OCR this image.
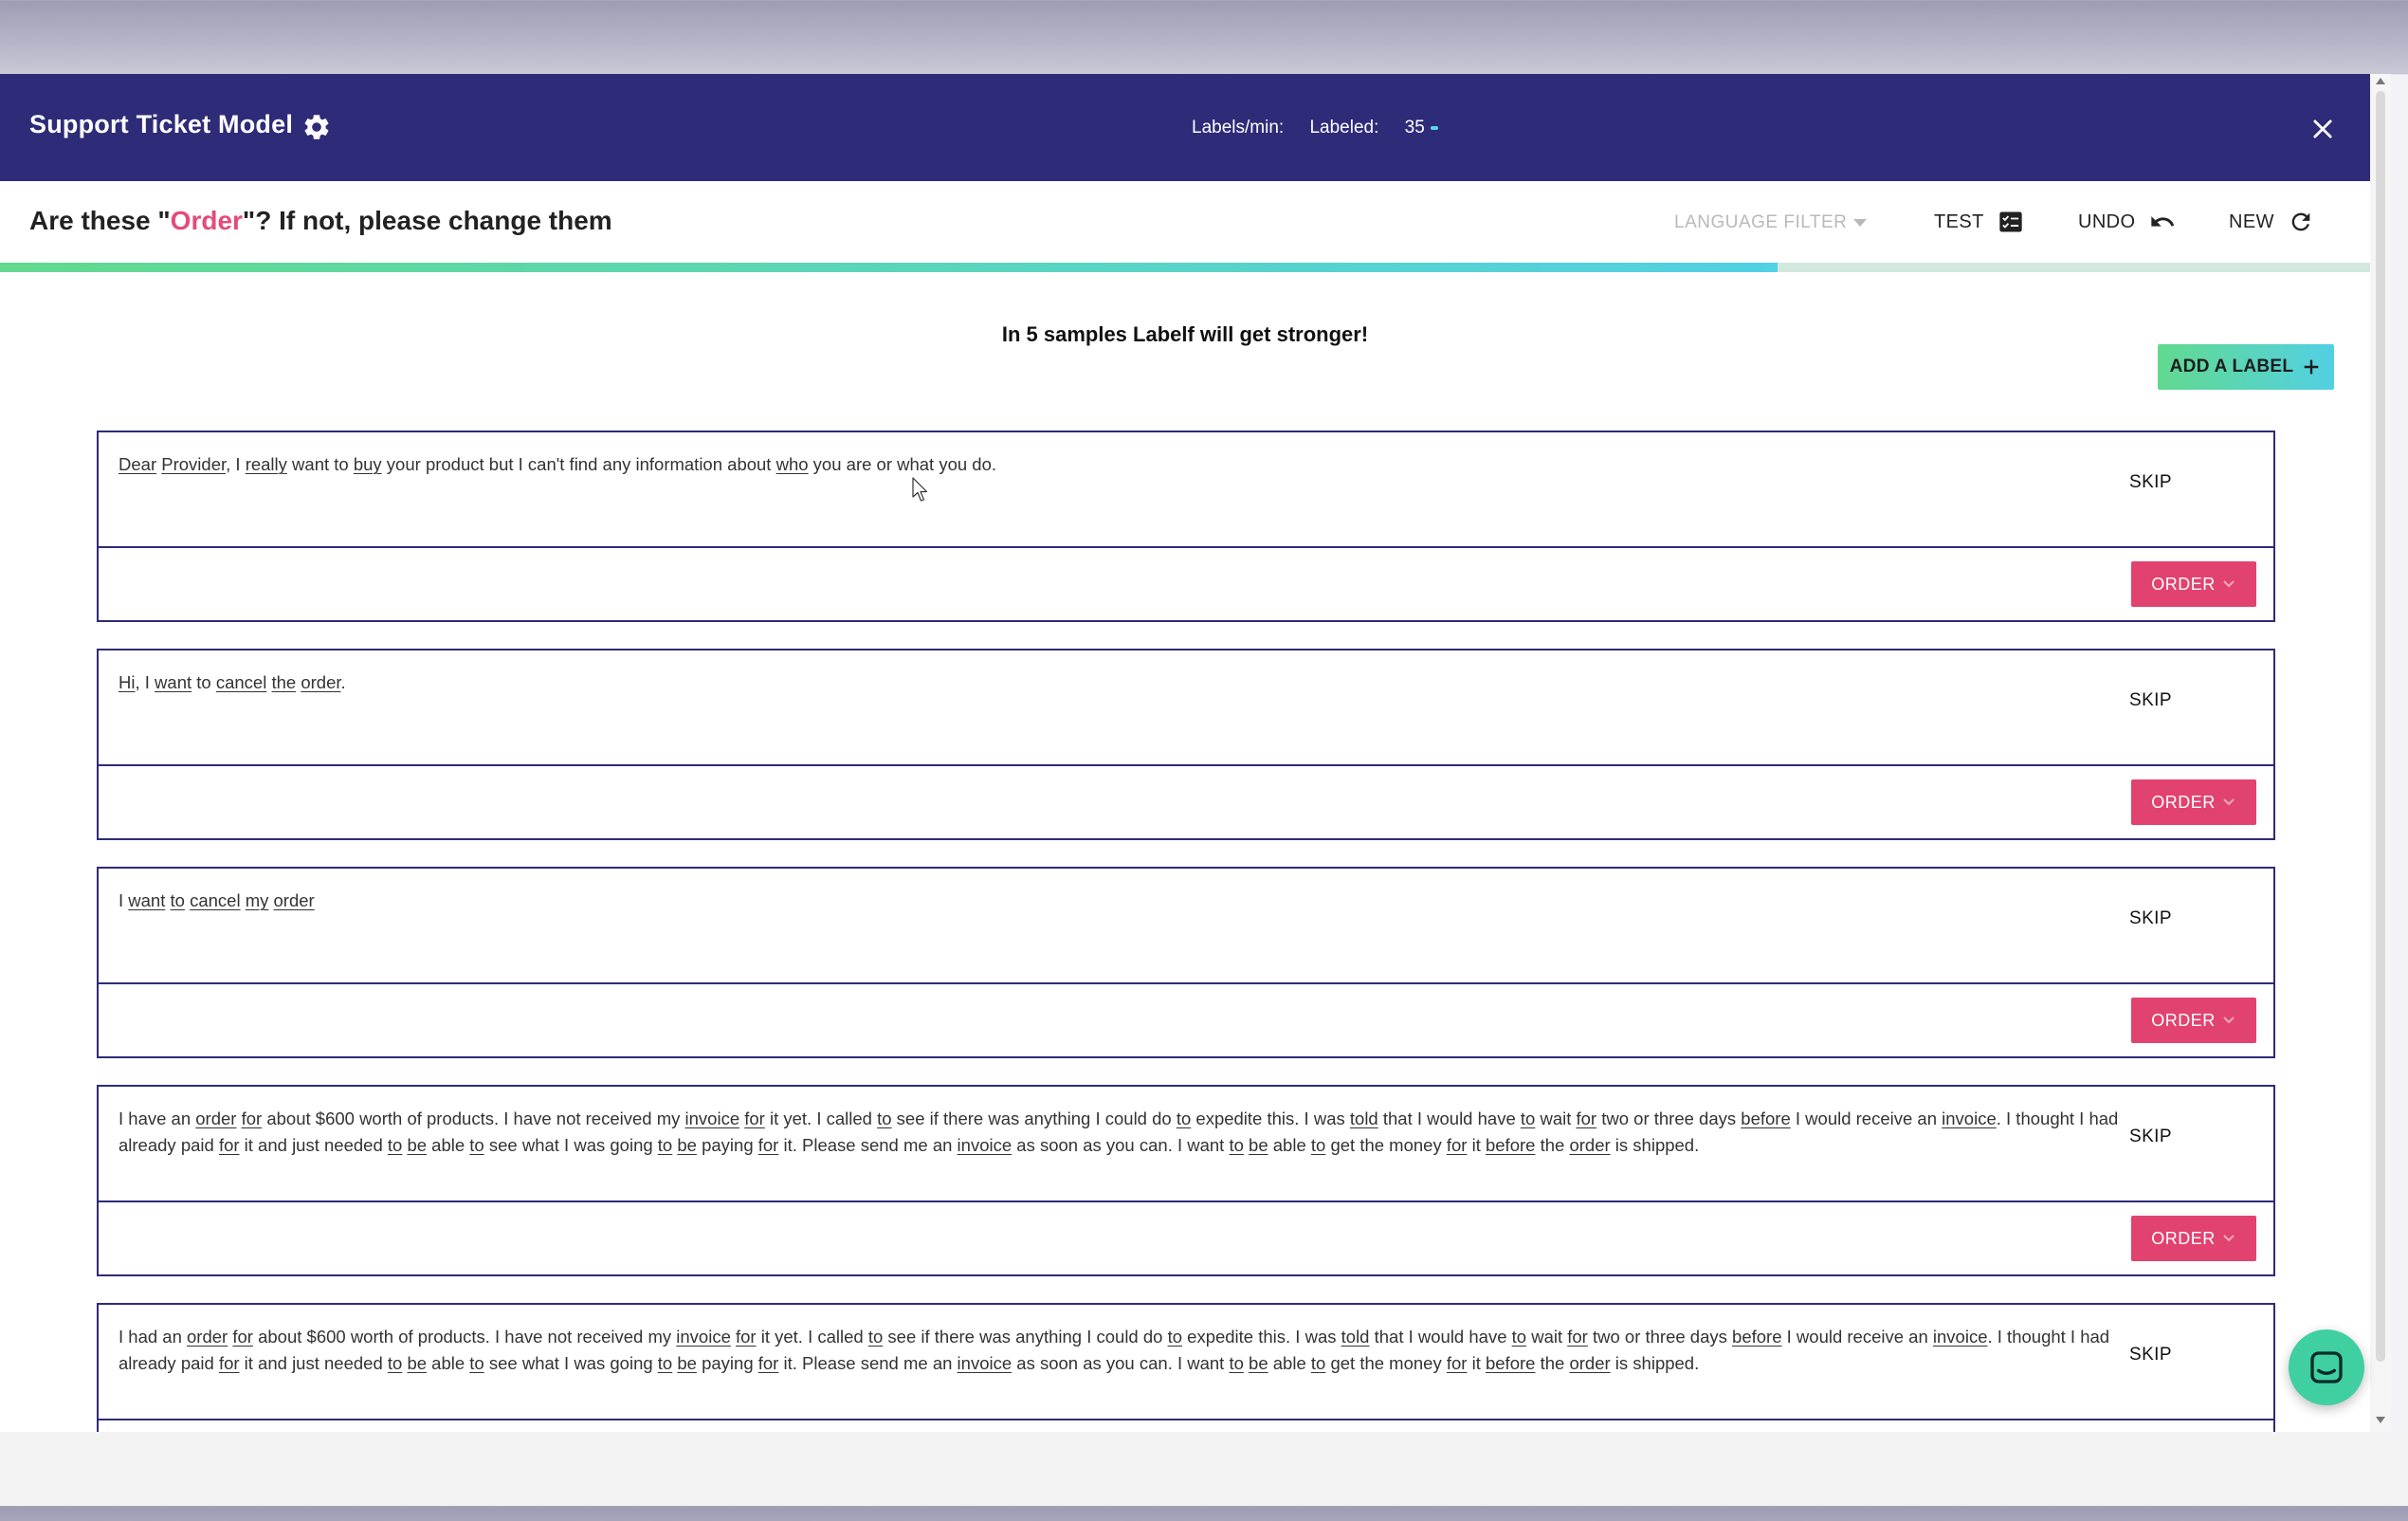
Support Ticket Model	Labels/min: Labeled: 35
Are these "Order"? If not, please change them	LANGUAGE FILTER	TEST	UNDO	NEW
In 5 samples Labelf will get stronger!
ADD A LABEL
Dear Provider, I really want to buy your product but I can't find any information about who you are or what you do.
SKIP
ORDER
Hi, I want to cancel the order.
SKIP
ORDER
I want to cancel my order
SKIP
ORDER
I have an order for about $600 worth of products. I have not received my invoice for it yet. I called to see if there was anything I could do to expedite this. I was told that I would have to wait for two or three days before I would receive an invoice. I thought I had already paid for it and just needed to be able to see what I was going to be paying for it. Please send me an invoice as soon as you can. I want to be able to get the money for it before the order is shipped.	SKIP
ORDER
I had an order for about $600 worth of products. I have not received my invoice for it yet. I called to see if there was anything I could do to expedite this. I was told that I would have to wait for two or three days before I would receive an invoice. I thought I had already paid for it and just needed to be able to see what I was going to be paying for it. Please send me an invoice as soon as you can. I want to be able to get the money for it before the order is shipped.	SKIP
